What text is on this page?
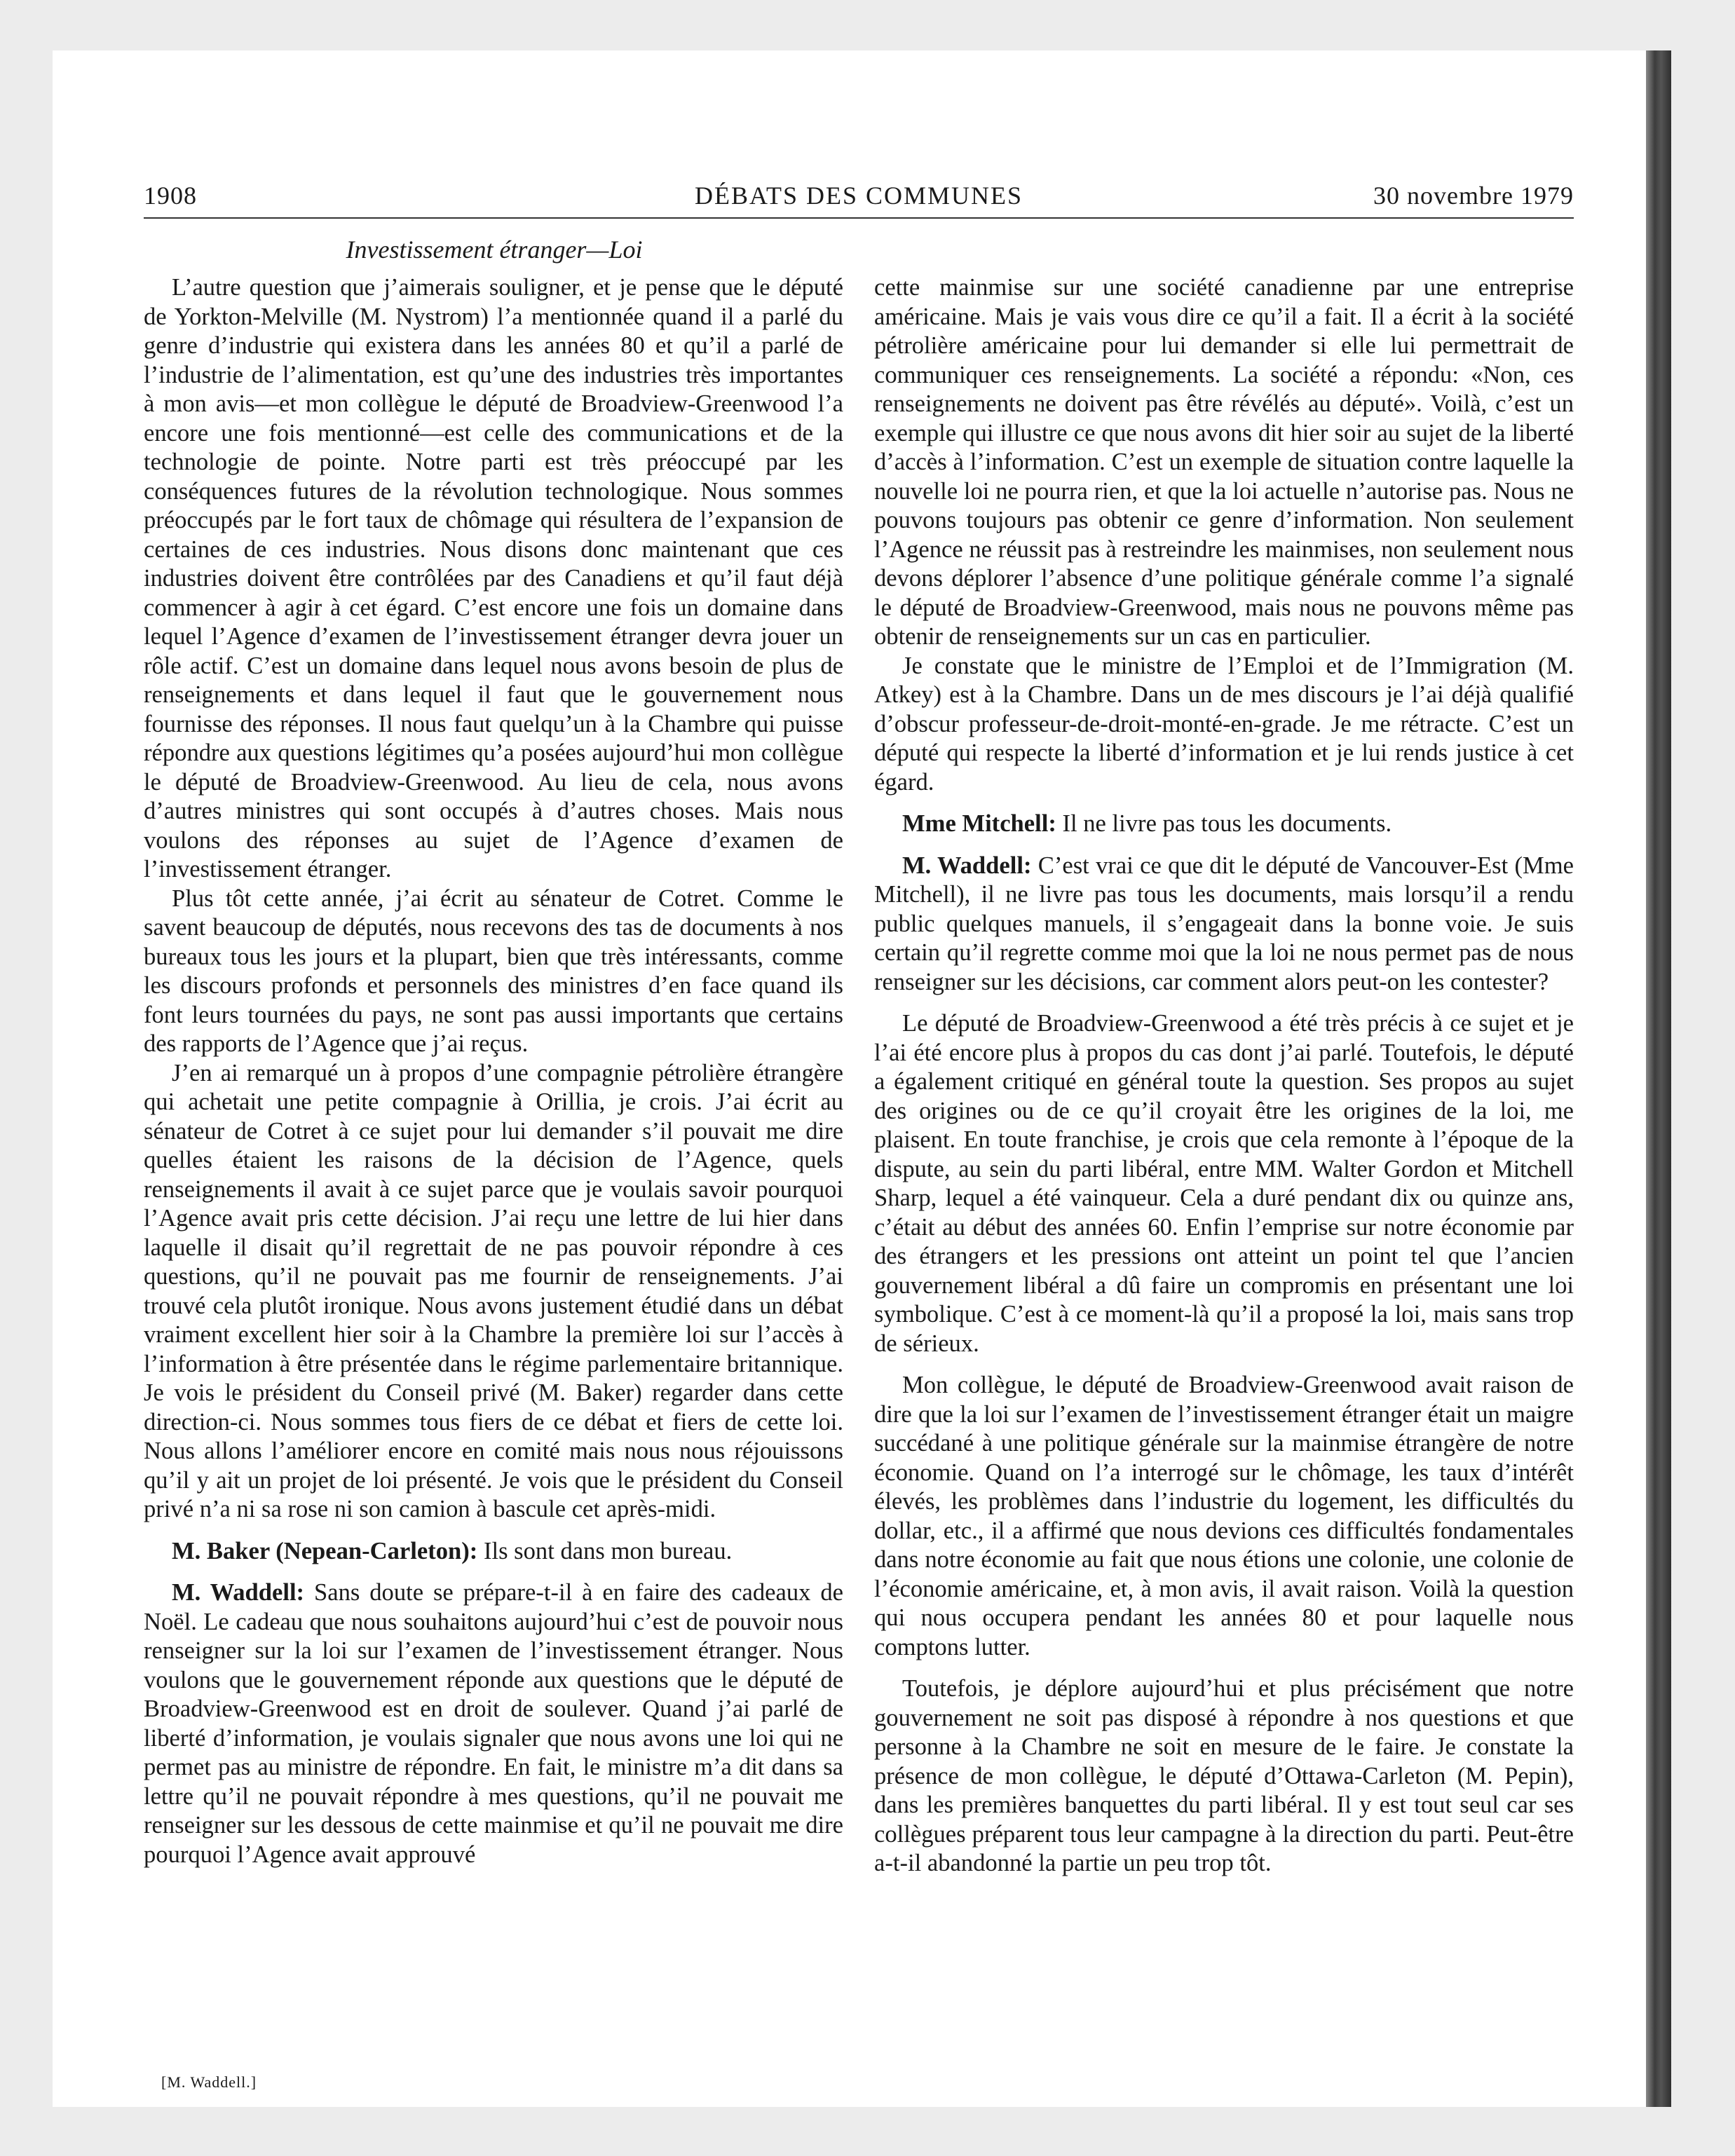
1908	DÉBATS DES COMMUNES	30 novembre 1979
Investissement étranger—Loi

L’autre question que j’aimerais souligner, et je pense que le député de Yorkton-Melville (M. Nystrom) l’a mentionnée quand il a parlé du genre d’industrie qui existera dans les années 80 et qu’il a parlé de l’industrie de l’alimentation, est qu’une des industries très importantes à mon avis—et mon collègue le député de Broadview-Greenwood l’a encore une fois mentionné—est celle des communications et de la technologie de pointe. Notre parti est très préoccupé par les conséquences futures de la révolution technologique. Nous sommes préoccupés par le fort taux de chômage qui résultera de l’expansion de certaines de ces industries. Nous disons donc maintenant que ces industries doivent être contrôlées par des Canadiens et qu’il faut déjà commencer à agir à cet égard. C’est encore une fois un domaine dans lequel l’Agence d’examen de l’investissement étranger devra jouer un rôle actif. C’est un domaine dans lequel nous avons besoin de plus de renseignements et dans lequel il faut que le gouvernement nous fournisse des réponses. Il nous faut quelqu’un à la Chambre qui puisse répondre aux questions légitimes qu’a posées aujourd’hui mon collègue le député de Broadview-Greenwood. Au lieu de cela, nous avons d’autres ministres qui sont occupés à d’autres choses. Mais nous voulons des réponses au sujet de l’Agence d’examen de l’investissement étranger.

Plus tôt cette année, j’ai écrit au sénateur de Cotret. Comme le savent beaucoup de députés, nous recevons des tas de documents à nos bureaux tous les jours et la plupart, bien que très intéressants, comme les discours profonds et personnels des ministres d’en face quand ils font leurs tournées du pays, ne sont pas aussi importants que certains des rapports de l’Agence que j’ai reçus.

J’en ai remarqué un à propos d’une compagnie pétrolière étrangère qui achetait une petite compagnie à Orillia, je crois. J’ai écrit au sénateur de Cotret à ce sujet pour lui demander s’il pouvait me dire quelles étaient les raisons de la décision de l’Agence, quels renseignements il avait à ce sujet parce que je voulais savoir pourquoi l’Agence avait pris cette décision. J’ai reçu une lettre de lui hier dans laquelle il disait qu’il regrettait de ne pas pouvoir répondre à ces questions, qu’il ne pouvait pas me fournir de renseignements. J’ai trouvé cela plutôt ironique. Nous avons justement étudié dans un débat vraiment excellent hier soir à la Chambre la première loi sur l’accès à l’information à être présentée dans le régime parlementaire britannique. Je vois le président du Conseil privé (M. Baker) regarder dans cette direction-ci. Nous sommes tous fiers de ce débat et fiers de cette loi. Nous allons l’améliorer encore en comité mais nous nous réjouissons qu’il y ait un projet de loi présenté. Je vois que le président du Conseil privé n’a ni sa rose ni son camion à bascule cet après-midi.

M. Baker (Nepean-Carleton): Ils sont dans mon bureau.

M. Waddell: Sans doute se prépare-t-il à en faire des cadeaux de Noël. Le cadeau que nous souhaitons aujourd’hui c’est de pouvoir nous renseigner sur la loi sur l’examen de l’investissement étranger. Nous voulons que le gouvernement réponde aux questions que le député de Broadview-Greenwood est en droit de soulever. Quand j’ai parlé de liberté d’information, je voulais signaler que nous avons une loi qui ne permet pas au ministre de répondre. En fait, le ministre m’a dit dans sa lettre qu’il ne pouvait répondre à mes questions, qu’il ne pouvait me renseigner sur les dessous de cette mainmise et qu’il ne pouvait me dire pourquoi l’Agence avait approuvé

cette mainmise sur une société canadienne par une entreprise américaine. Mais je vais vous dire ce qu’il a fait. Il a écrit à la société pétrolière américaine pour lui demander si elle lui permettrait de communiquer ces renseignements. La société a répondu: «Non, ces renseignements ne doivent pas être révélés au député». Voilà, c’est un exemple qui illustre ce que nous avons dit hier soir au sujet de la liberté d’accès à l’information. C’est un exemple de situation contre laquelle la nouvelle loi ne pourra rien, et que la loi actuelle n’autorise pas. Nous ne pouvons toujours pas obtenir ce genre d’information. Non seulement l’Agence ne réussit pas à restreindre les mainmises, non seulement nous devons déplorer l’absence d’une politique générale comme l’a signalé le député de Broadview-Greenwood, mais nous ne pouvons même pas obtenir de renseignements sur un cas en particulier.

Je constate que le ministre de l’Emploi et de l’Immigration (M. Atkey) est à la Chambre. Dans un de mes discours je l’ai déjà qualifié d’obscur professeur-de-droit-monté-en-grade. Je me rétracte. C’est un député qui respecte la liberté d’information et je lui rends justice à cet égard.

Mme Mitchell: Il ne livre pas tous les documents.

M. Waddell: C’est vrai ce que dit le député de Vancouver-Est (Mme Mitchell), il ne livre pas tous les documents, mais lorsqu’il a rendu public quelques manuels, il s’engageait dans la bonne voie. Je suis certain qu’il regrette comme moi que la loi ne nous permet pas de nous renseigner sur les décisions, car comment alors peut-on les contester?

Le député de Broadview-Greenwood a été très précis à ce sujet et je l’ai été encore plus à propos du cas dont j’ai parlé. Toutefois, le député a également critiqué en général toute la question. Ses propos au sujet des origines ou de ce qu’il croyait être les origines de la loi, me plaisent. En toute franchise, je crois que cela remonte à l’époque de la dispute, au sein du parti libéral, entre MM. Walter Gordon et Mitchell Sharp, lequel a été vainqueur. Cela a duré pendant dix ou quinze ans, c’était au début des années 60. Enfin l’emprise sur notre économie par des étrangers et les pressions ont atteint un point tel que l’ancien gouvernement libéral a dû faire un compromis en présentant une loi symbolique. C’est à ce moment-là qu’il a proposé la loi, mais sans trop de sérieux.

Mon collègue, le député de Broadview-Greenwood avait raison de dire que la loi sur l’examen de l’investissement étranger était un maigre succédané à une politique générale sur la mainmise étrangère de notre économie. Quand on l’a interrogé sur le chômage, les taux d’intérêt élevés, les problèmes dans l’industrie du logement, les difficultés du dollar, etc., il a affirmé que nous devions ces difficultés fondamentales dans notre économie au fait que nous étions une colonie, une colonie de l’économie américaine, et, à mon avis, il avait raison. Voilà la question qui nous occupera pendant les années 80 et pour laquelle nous comptons lutter.

Toutefois, je déplore aujourd’hui et plus précisément que notre gouvernement ne soit pas disposé à répondre à nos questions et que personne à la Chambre ne soit en mesure de le faire. Je constate la présence de mon collègue, le député d’Ottawa-Carleton (M. Pepin), dans les premières banquettes du parti libéral. Il y est tout seul car ses collègues préparent tous leur campagne à la direction du parti. Peut-être a-t-il abandonné la partie un peu trop tôt.

[M. Waddell.]
